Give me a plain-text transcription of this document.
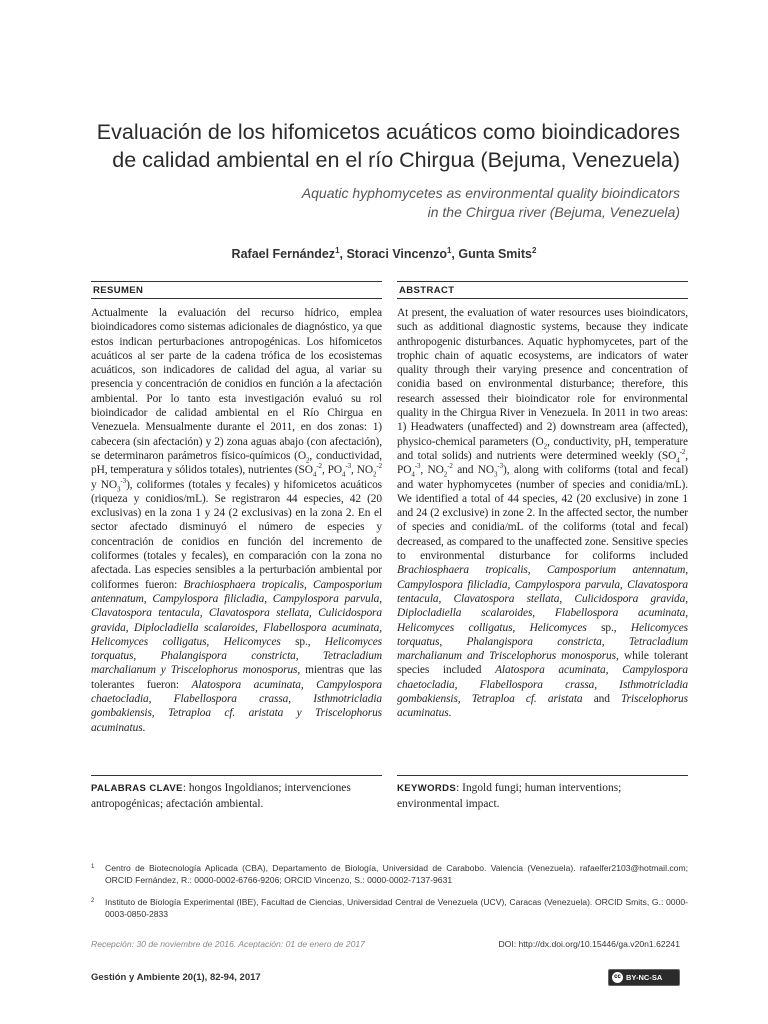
Evaluación de los hifomicetos acuáticos como bioindicadores
de calidad ambiental en el río Chirgua (Bejuma, Venezuela)

Aquatic hyphomycetes as environmental quality bioindicators
in the Chirgua river (Bejuma, Venezuela)

Rafael Fernández$^1$, Storaci Vincenzo$^1$, Gunta Smits$^2$
RESUMEN

Actualmente la evaluación del recurso hídrico, emplea bioindicadores como sistemas adicionales de diagnóstico, ya que estos indican perturbaciones antropogénicas. Los hifomicetos acuáticos al ser parte de la cadena trófica de los ecosistemas acuáticos, son indicadores de calidad del agua, al variar su presencia y concentración de conidios en función a la afectación ambiental. Por lo tanto esta investigación evaluó su rol bioindicador de calidad ambiental en el Río Chirgua en Venezuela. Mensualmente durante el 2011, en dos zonas: 1) cabecera (sin afectación) y 2) zona aguas abajo (con afectación), se determinaron parámetros físico-químicos ($O_2$, conductividad, pH, temperatura y sólidos totales), nutrientes ($SO_4^{-2}$, $PO_4^{-3}$, $NO_2^{-2}$ y $NO_3^{-3}$), coliformes (totales y fecales) y hifomicetos acuáticos (riqueza y conidios/mL). Se registraron 44 especies, 42 (20 exclusivas) en la zona 1 y 24 (2 exclusivas) en la zona 2. En el sector afectado disminuyó el número de especies y concentración de conidios en función del incremento de coliformes (totales y fecales), en comparación con la zona no afectada. Las especies sensibles a la perturbación ambiental por coliformes fueron: Brachiosphaera tropicalis, Camposporium antennatum, Campylospora filicladia, Campylospora parvula, Clavatospora tentacula, Clavatospora stellata, Culicidospora gravida, Diplocladiella scalaroides, Flabellospora acuminata, Helicomyces colligatus, Helicomyces sp., Helicomyces torquatus, Phalangispora constricta, Tetracladium marchalianum y Triscelophorus monosporus, mientras que las tolerantes fueron: Alatospora acuminata, Campylospora chaetocladia, Flabellospora crassa, Isthmotricladia gombakiensis, Tetraploa cf. aristata y Triscelophorus acuminatus.

ABSTRACT

At present, the evaluation of water resources uses bioindicators, such as additional diagnostic systems, because they indicate anthropogenic disturbances. Aquatic hyphomycetes, part of the trophic chain of aquatic ecosystems, are indicators of water quality through their varying presence and concentration of conidia based on environmental disturbance; therefore, this research assessed their bioindicator role for environmental quality in the Chirgua River in Venezuela. In 2011 in two areas: 1) Headwaters (unaffected) and 2) downstream area (affected), physico-chemical parameters ($O_2$, conductivity, pH, temperature and total solids) and nutrients were determined weekly ($SO_4^{-2}$, $PO_4^{-3}$, $NO_2^{-2}$ and $NO_3^{-3}$), along with coliforms (total and fecal) and water hyphomycetes (number of species and conidia/mL). We identified a total of 44 species, 42 (20 exclusive) in zone 1 and 24 (2 exclusive) in zone 2. In the affected sector, the number of species and conidia/mL of the coliforms (total and fecal) decreased, as compared to the unaffected zone. Sensitive species to environmental disturbance for coliforms included Brachiosphaera tropicalis, Camposporium antennatum, Campylospora filicladia, Campylospora parvula, Clavatospora tentacula, Clavatospora stellata, Culicidospora gravida, Diplocladiella scalaroides, Flabellospora acuminata, Helicomyces colligatus, Helicomyces sp., Helicomyces torquatus, Phalangispora constricta, Tetracladium marchalianum and Triscelophorus monosporus, while tolerant species included Alatospora acuminata, Campylospora chaetocladia, Flabellospora crassa, Isthmotricladia gombakiensis, Tetraploa cf. aristata and Triscelophorus acuminatus.

PALABRAS CLAVE: hongos Ingoldianos; intervenciones antropogénicas; afectación ambiental.
KEYWORDS: Ingold fungi; human interventions; environmental impact.
1	Centro de Biotecnología Aplicada (CBA), Departamento de Biología, Universidad de Carabobo. Valencia (Venezuela). rafaelfer2103@hotmail.com; ORCID Fernández, R.: 0000-0002-6766-9206; ORCID Vincenzo, S.: 0000-0002-7137-9631
2	Instituto de Biología Experimental (IBE), Facultad de Ciencias, Universidad Central de Venezuela (UCV), Caracas (Venezuela). ORCID Smits, G.: 0000-0003-0850-2833
Recepción: 30 de noviembre de 2016. Aceptación: 01 de enero de 2017	DOI: http://dx.doi.org/10.15446/ga.v20n1.62241
Gestión y Ambiente 20(1), 82-94, 2017	cc BY-NC-SA
